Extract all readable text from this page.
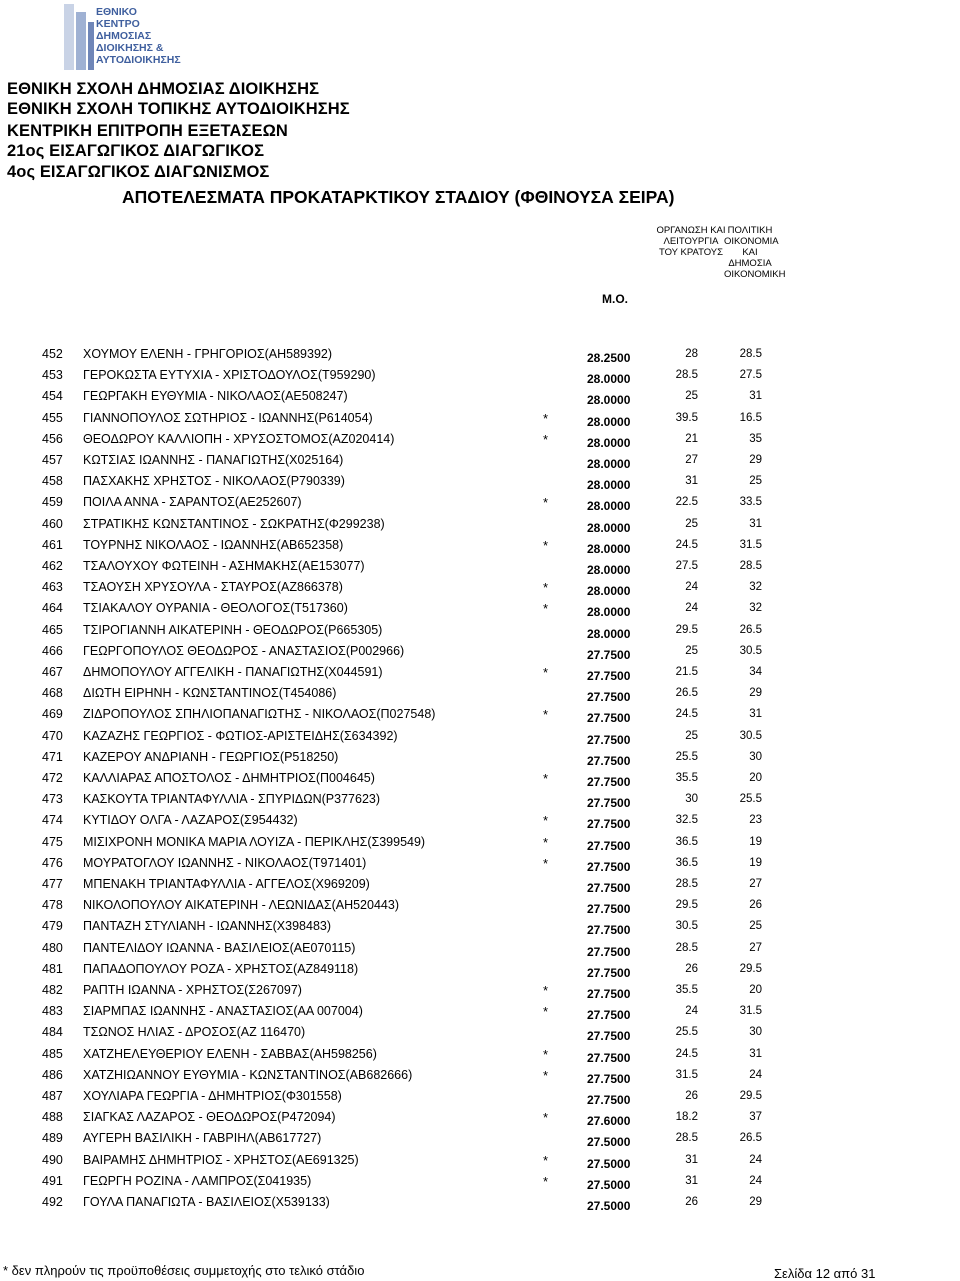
ΕΘΝΙΚΟ
ΚΕΝΤΡΟ
ΔΗΜΟΣΙΑΣ
ΔΙΟΙΚΗΣΗΣ &
ΑΥΤΟΔΙΟΙΚΗΣΗΣ
ΕΘΝΙΚΗ ΣΧΟΛΗ ΔΗΜΟΣΙΑΣ ΔΙΟΙΚΗΣΗΣ
ΕΘΝΙΚΗ ΣΧΟΛΗ ΤΟΠΙΚΗΣ ΑΥΤΟΔΙΟΙΚΗΣΗΣ
ΚΕΝΤΡΙΚΗ ΕΠΙΤΡΟΠΗ ΕΞΕΤΑΣΕΩΝ
21ος ΕΙΣΑΓΩΓΙΚΟΣ ΔΙΑΓΩΓΙΚΟΣ
4ος ΕΙΣΑΓΩΓΙΚΟΣ ΔΙΑΓΩΝΙΣΜΟΣ
ΑΠΟΤΕΛΕΣΜΑΤΑ ΠΡΟΚΑΤΑΡΚΤΙΚΟΥ ΣΤΑΔΙΟΥ (ΦΘΙΝΟΥΣΑ ΣΕΙΡΑ)
ΟΡΓΑΝΩΣΗ ΚΑΙ
ΛΕΙΤΟΥΡΓΙΑ
ΤΟΥ ΚΡΑΤΟΥΣ
ΠΟΛΙΤΙΚΗ
ΟΙΚΟΝΟΜΙΑ
ΚΑΙ ΔΗΜΟΣΙΑ
ΟΙΚΟΝΟΜΙΚΗ
Μ.Ο.
452 ΧΟΥΜΟΥ ΕΛΕΝΗ - ΓΡΗΓΟΡΙΟΣ(ΑΗ589392)	28.2500	28	28.5
453 ΓΕΡΟΚΩΣΤΑ ΕΥΤΥΧΙΑ - ΧΡΙΣΤΟΔΟΥΛΟΣ(Τ959290)	28.0000	28.5	27.5
454 ΓΕΩΡΓΑΚΗ ΕΥΘΥΜΙΑ - ΝΙΚΟΛΑΟΣ(ΑΕ508247)	28.0000	25	31
455 ΓΙΑΝΝΟΠΟΥΛΟΣ ΣΩΤΗΡΙΟΣ - ΙΩΑΝΝΗΣ(Ρ614054)	*	28.0000	39.5	16.5
456 ΘΕΟΔΩΡΟΥ ΚΑΛΛΙΟΠΗ - ΧΡΥΣΟΣΤΟΜΟΣ(ΑΖ020414)	*	28.0000	21	35
457 ΚΩΤΣΙΑΣ ΙΩΑΝΝΗΣ - ΠΑΝΑΓΙΩΤΗΣ(Χ025164)	28.0000	27	29
458 ΠΑΣΧΑΚΗΣ ΧΡΗΣΤΟΣ - ΝΙΚΟΛΑΟΣ(Ρ790339)	28.0000	31	25
459 ΠΟΙΛΑ ΑΝΝΑ - ΣΑΡΑΝΤΟΣ(ΑΕ252607)	*	28.0000	22.5	33.5
460 ΣΤΡΑΤΙΚΗΣ ΚΩΝΣΤΑΝΤΙΝΟΣ - ΣΩΚΡΑΤΗΣ(Φ299238)	28.0000	25	31
461 ΤΟΥΡΝΗΣ ΝΙΚΟΛΑΟΣ - ΙΩΑΝΝΗΣ(ΑΒ652358)	*	28.0000	24.5	31.5
462 ΤΣΑΛΟΥΧΟΥ ΦΩΤΕΙΝΗ - ΑΣΗΜΑΚΗΣ(ΑΕ153077)	28.0000	27.5	28.5
463 ΤΣΑΟΥΣΗ ΧΡΥΣΟΥΛΑ - ΣΤΑΥΡΟΣ(ΑΖ866378)	*	28.0000	24	32
464 ΤΣΙΑΚΑΛΟΥ ΟΥΡΑΝΙΑ - ΘΕΟΛΟΓΟΣ(Τ517360)	*	28.0000	24	32
465 ΤΣΙΡΟΓΙΑΝΝΗ ΑΙΚΑΤΕΡΙΝΗ - ΘΕΟΔΩΡΟΣ(Ρ665305)	28.0000	29.5	26.5
466 ΓΕΩΡΓΟΠΟΥΛΟΣ ΘΕΟΔΩΡΟΣ - ΑΝΑΣΤΑΣΙΟΣ(Ρ002966)	27.7500	25	30.5
467 ΔΗΜΟΠΟΥΛΟΥ ΑΓΓΕΛΙΚΗ - ΠΑΝΑΓΙΩΤΗΣ(Χ044591)	*	27.7500	21.5	34
468 ΔΙΩΤΗ ΕΙΡΗΝΗ - ΚΩΝΣΤΑΝΤΙΝΟΣ(Τ454086)	27.7500	26.5	29
469 ΖΙΔΡΟΠΟΥΛΟΣ ΣΠΗΛΙΟΠΑΝΑΓΙΩΤΗΣ - ΝΙΚΟΛΑΟΣ(Π027548)	*	27.7500	24.5	31
470 ΚΑΖΑΖΗΣ ΓΕΩΡΓΙΟΣ - ΦΩΤΙΟΣ-ΑΡΙΣΤΕΙΔΗΣ(Σ634392)	27.7500	25	30.5
471 ΚΑΖΕΡΟΥ ΑΝΔΡΙΑΝΗ - ΓΕΩΡΓΙΟΣ(Ρ518250)	27.7500	25.5	30
472 ΚΑΛΛΙΑΡΑΣ ΑΠΟΣΤΟΛΟΣ - ΔΗΜΗΤΡΙΟΣ(Π004645)	*	27.7500	35.5	20
473 ΚΑΣΚΟΥΤΑ ΤΡΙΑΝΤΑΦΥΛΛΙΑ - ΣΠΥΡΙΔΩΝ(Ρ377623)	27.7500	30	25.5
474 ΚΥΤΙΔΟΥ ΟΛΓΑ - ΛΑΖΑΡΟΣ(Σ954432)	*	27.7500	32.5	23
475 ΜΙΣΙΧΡΟΝΗ ΜΟΝΙΚΑ ΜΑΡΙΑ ΛΟΥΙΖΑ - ΠΕΡΙΚΛΗΣ(Σ399549)	*	27.7500	36.5	19
476 ΜΟΥΡΑΤΟΓΛΟΥ ΙΩΑΝΝΗΣ - ΝΙΚΟΛΑΟΣ(Τ971401)	*	27.7500	36.5	19
477 ΜΠΕΝΑΚΗ ΤΡΙΑΝΤΑΦΥΛΛΙΑ - ΑΓΓΕΛΟΣ(Χ969209)	27.7500	28.5	27
478 ΝΙΚΟΛΟΠΟΥΛΟΥ ΑΙΚΑΤΕΡΙΝΗ - ΛΕΩΝΙΔΑΣ(ΑΗ520443)	27.7500	29.5	26
479 ΠΑΝΤΑΖΗ ΣΤΥΛΙΑΝΗ - ΙΩΑΝΝΗΣ(Χ398483)	27.7500	30.5	25
480 ΠΑΝΤΕΛΙΔΟΥ ΙΩΑΝΝΑ - ΒΑΣΙΛΕΙΟΣ(ΑΕ070115)	27.7500	28.5	27
481 ΠΑΠΑΔΟΠΟΥΛΟΥ ΡΟΖΑ - ΧΡΗΣΤΟΣ(ΑΖ849118)	27.7500	26	29.5
482 ΡΑΠΤΗ ΙΩΑΝΝΑ - ΧΡΗΣΤΟΣ(Σ267097)	*	27.7500	35.5	20
483 ΣΙΑΡΜΠΑΣ ΙΩΑΝΝΗΣ - ΑΝΑΣΤΑΣΙΟΣ(ΑΑ 007004)	*	27.7500	24	31.5
484 ΤΣΩΝΟΣ ΗΛΙΑΣ - ΔΡΟΣΟΣ(ΑΖ 116470)	27.7500	25.5	30
485 ΧΑΤΖΗΕΛΕΥΘΕΡΙΟΥ ΕΛΕΝΗ - ΣΑΒΒΑΣ(ΑΗ598256)	*	27.7500	24.5	31
486 ΧΑΤΖΗΙΩΑΝΝΟΥ ΕΥΘΥΜΙΑ - ΚΩΝΣΤΑΝΤΙΝΟΣ(ΑΒ682666)	*	27.7500	31.5	24
487 ΧΟΥΛΙΑΡΑ ΓΕΩΡΓΙΑ - ΔΗΜΗΤΡΙΟΣ(Φ301558)	27.7500	26	29.5
488 ΣΙΑΓΚΑΣ ΛΑΖΑΡΟΣ - ΘΕΟΔΩΡΟΣ(Ρ472094)	*	27.6000	18.2	37
489 ΑΥΓΕΡΗ ΒΑΣΙΛΙΚΗ - ΓΑΒΡΙΗΛ(ΑΒ617727)	27.5000	28.5	26.5
490 ΒΑΙΡΑΜΗΣ ΔΗΜΗΤΡΙΟΣ - ΧΡΗΣΤΟΣ(ΑΕ691325)	*	27.5000	31	24
491 ΓΕΩΡΓΗ ΡΟΖΙΝΑ - ΛΑΜΠΡΟΣ(Σ041935)	*	27.5000	31	24
492 ΓΟΥΛΑ ΠΑΝΑΓΙΩΤΑ - ΒΑΣΙΛΕΙΟΣ(Χ539133)	27.5000	26	29
* δεν πληρούν τις προϋποθέσεις συμμετοχής στο τελικό στάδιο	Σελίδα 12 από 31
